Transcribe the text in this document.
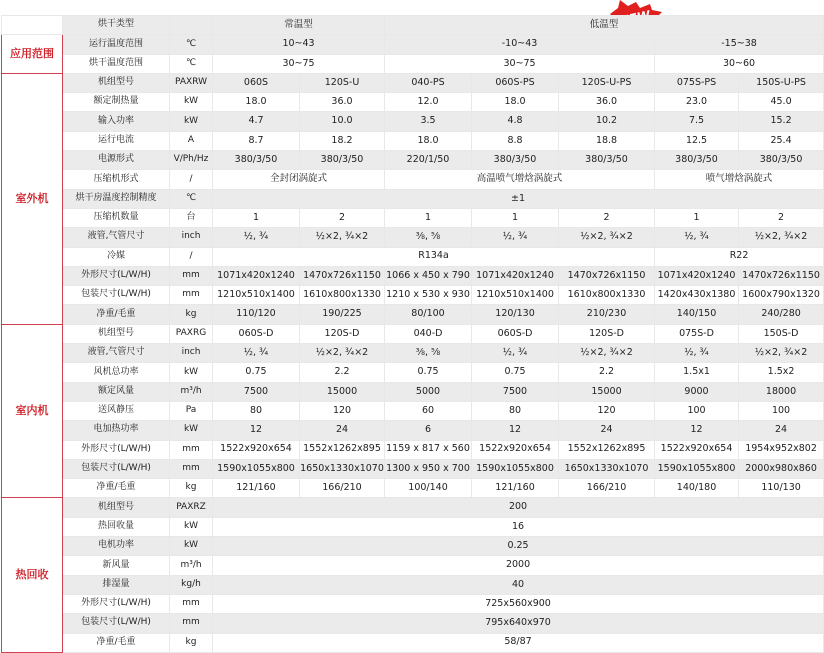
	烘干类型		常温型		低温型				
应用范围	运行温度范围	℃	10~43		-10~43			-15~38	
	烘干温度范围	℃	30~75		30~75			30~60	
室外机	机组型号	PAXRW	060S	120S-U	040-PS	060S-PS	120S-U-PS	075S-PS	150S-U-PS
	额定制热量	kW	18.0	36.0	12.0	18.0	36.0	23.0	45.0
	输入功率	kW	4.7	10.0	3.5	4.8	10.2	7.5	15.2
	运行电流	A	8.7	18.2	18.0	8.8	18.8	12.5	25.4
	电源形式	V/Ph/Hz	380/3/50	380/3/50	220/1/50	380/3/50	380/3/50	380/3/50	380/3/50
	压缩机形式	/	全封闭涡旋式		高温喷气增焓涡旋式			喷气增焓涡旋式	
	烘干房温度控制精度	℃	±1						
	压缩机数量	台	1	2	1	1	2	1	2
	液管,气管尺寸	inch	½, ¾	½×2, ¾×2	⅜, ⅝	½, ¾	½×2, ¾×2	½, ¾	½×2, ¾×2
	冷媒	/	R134a					R22	
	外形尺寸(L/W/H)	mm	1071x420x1240	1470x726x1150	1066 x 450 x 790	1071x420x1240	1470x726x1150	1071x420x1240	1470x726x1150
	包装尺寸(L/W/H)	mm	1210x510x1400	1610x800x1330	1210 x 530 x 930	1210x510x1400	1610x800x1330	1420x430x1380	1600x790x1320
	净重/毛重	kg	110/120	190/225	80/100	120/130	210/230	140/150	240/280
室内机	机组型号	PAXRG	060S-D	120S-D	040-D	060S-D	120S-D	075S-D	150S-D
	液管,气管尺寸	inch	½, ¾	½×2, ¾×2	⅜, ⅝	½, ¾	½×2, ¾×2	½, ¾	½×2, ¾×2
	风机总功率	kW	0.75	2.2	0.75	0.75	2.2	1.5x1	1.5x2
	额定风量	m³/h	7500	15000	5000	7500	15000	9000	18000
	送风静压	Pa	80	120	60	80	120	100	100
	电加热功率	kW	12	24	6	12	24	12	24
	外形尺寸(L/W/H)	mm	1522x920x654	1552x1262x895	1159 x 817 x 560	1522x920x654	1552x1262x895	1522x920x654	1954x952x802
	包装尺寸(L/W/H)	mm	1590x1055x800	1650x1330x1070	1300 x 950 x 700	1590x1055x800	1650x1330x1070	1590x1055x800	2000x980x860
	净重/毛重	kg	121/160	166/210	100/140	121/160	166/210	140/180	110/130
热回收	机组型号	PAXRZ	200						
	热回收量	kW	16						
	电机功率	kW	0.25						
	新风量	m³/h	2000						
	排湿量	kg/h	40						
	外形尺寸(L/W/H)	mm	725x560x900						
	包装尺寸(L/W/H)	mm	795x640x970						
	净重/毛重	kg	58/87						
